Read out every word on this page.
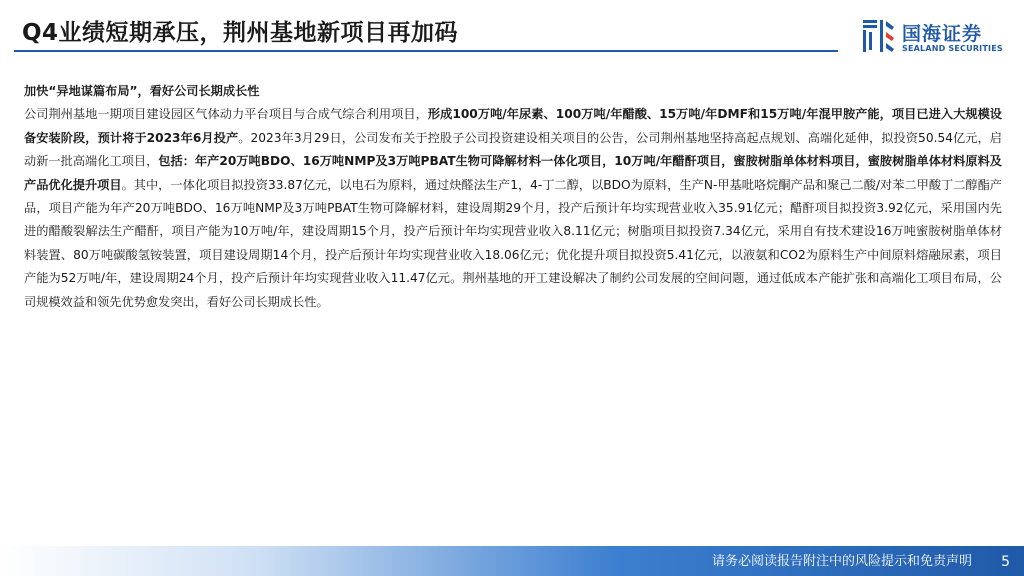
Q4业绩短期承压，荆州基地新项目再加码	国海证券
SEALAND SECURITIES

加快“异地谋篇布局”，看好公司长期成长性

公司荆州基地一期项目建设园区气体动力平台项目与合成气综合利用项目，形成100万吨/年尿素、100万吨/年醋酸、15万吨/年DMF和15万吨/年混甲胺产能，项目已进入大规模设备安装阶段，预计将于2023年6月投产。2023年3月29日，公司发布关于控股子公司投资建设相关项目的公告，公司荆州基地坚持高起点规划、高端化延伸，拟投资50.54亿元，启动新一批高端化工项目，包括：年产20万吨BDO、16万吨NMP及3万吨PBAT生物可降解材料一体化项目，10万吨/年醋酐项目，蜜胺树脂单体材料项目，蜜胺树脂单体材料原料及产品优化提升项目。其中，一体化项目拟投资33.87亿元，以电石为原料，通过炔醛法生产1，4-丁二醇，以BDO为原料，生产N-甲基吡咯烷酮产品和聚己二酸/对苯二甲酸丁二醇酯产品，项目产能为年产20万吨BDO、16万吨NMP及3万吨PBAT生物可降解材料，建设周期29个月，投产后预计年均实现营业收入35.91亿元；醋酐项目拟投资3.92亿元，采用国内先进的醋酸裂解法生产醋酐，项目产能为10万吨/年，建设周期15个月，投产后预计年均实现营业收入8.11亿元；树脂项目拟投资7.34亿元，采用自有技术建设16万吨蜜胺树脂单体材料装置、80万吨碳酸氢铵装置，项目建设周期14个月，投产后预计年均实现营业收入18.06亿元；优化提升项目拟投资5.41亿元，以液氨和CO2为原料生产中间原料熔融尿素，项目产能为52万吨/年，建设周期24个月，投产后预计年均实现营业收入11.47亿元。荆州基地的开工建设解决了制约公司发展的空间问题，通过低成本产能扩张和高端化工项目布局，公司规模效益和领先优势愈发突出，看好公司长期成长性。

请务必阅读报告附注中的风险提示和免责声明 5
